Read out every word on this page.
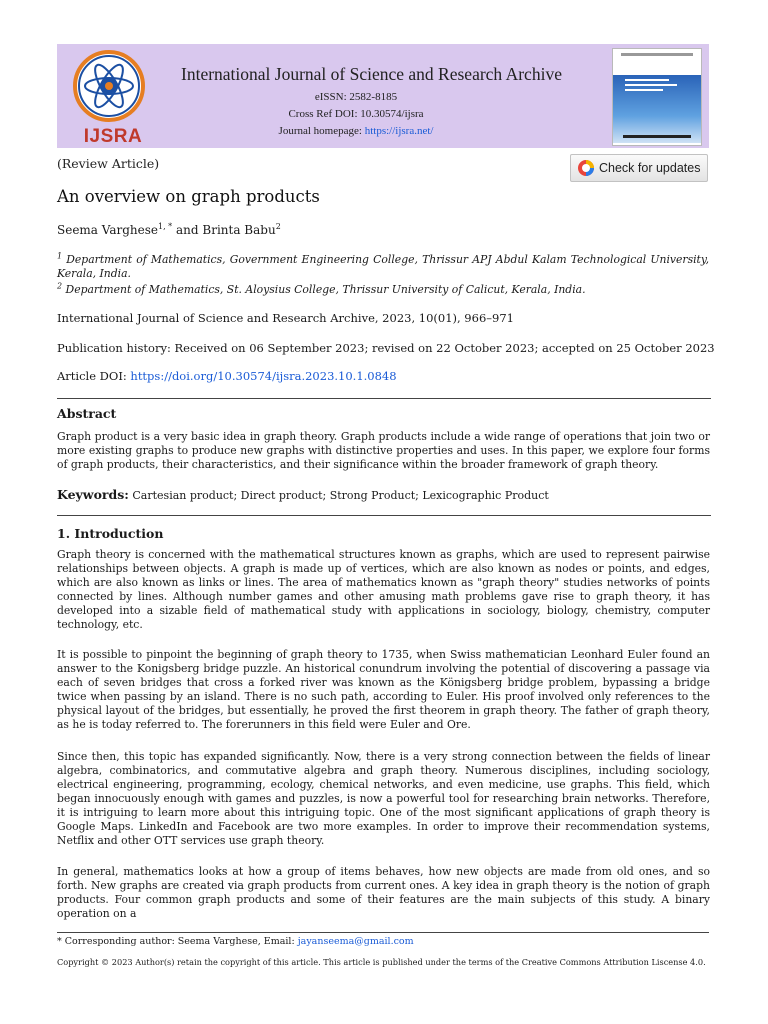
IJSRA
International Journal of Science and Research Archive
eISSN: 2582-8185
Cross Ref DOI: 10.30574/ijsra
Journal homepage: https://ijsra.net/
(Review Article)	Check for updates
An overview on graph products
Seema Varghese$^{1, *}$ and Brinta Babu$^2$
$^1$ Department of Mathematics, Government Engineering College, Thrissur APJ Abdul Kalam Technological University, Kerala, India.
$^2$ Department of Mathematics, St. Aloysius College, Thrissur University of Calicut, Kerala, India.
International Journal of Science and Research Archive, 2023, 10(01), 966–971
Publication history: Received on 06 September 2023; revised on 22 October 2023; accepted on 25 October 2023
Article DOI: https://doi.org/10.30574/ijsra.2023.10.1.0848
Abstract
Graph product is a very basic idea in graph theory. Graph products include a wide range of operations that join two or more existing graphs to produce new graphs with distinctive properties and uses. In this paper, we explore four forms of graph products, their characteristics, and their significance within the broader framework of graph theory.
Keywords: Cartesian product; Direct product; Strong Product; Lexicographic Product
1. Introduction
Graph theory is concerned with the mathematical structures known as graphs, which are used to represent pairwise relationships between objects. A graph is made up of vertices, which are also known as nodes or points, and edges, which are also known as links or lines. The area of mathematics known as "graph theory" studies networks of points connected by lines. Although number games and other amusing math problems gave rise to graph theory, it has developed into a sizable field of mathematical study with applications in sociology, biology, chemistry, computer technology, etc.
It is possible to pinpoint the beginning of graph theory to 1735, when Swiss mathematician Leonhard Euler found an answer to the Konigsberg bridge puzzle. An historical conundrum involving the potential of discovering a passage via each of seven bridges that cross a forked river was known as the Königsberg bridge problem, bypassing a bridge twice when passing by an island. There is no such path, according to Euler. His proof involved only references to the physical layout of the bridges, but essentially, he proved the first theorem in graph theory. The father of graph theory, as he is today referred to. The forerunners in this field were Euler and Ore.
Since then, this topic has expanded significantly. Now, there is a very strong connection between the fields of linear algebra, combinatorics, and commutative algebra and graph theory. Numerous disciplines, including sociology, electrical engineering, programming, ecology, chemical networks, and even medicine, use graphs. This field, which began innocuously enough with games and puzzles, is now a powerful tool for researching brain networks. Therefore, it is intriguing to learn more about this intriguing topic. One of the most significant applications of graph theory is Google Maps. LinkedIn and Facebook are two more examples. In order to improve their recommendation systems, Netflix and other OTT services use graph theory.
In general, mathematics looks at how a group of items behaves, how new objects are made from old ones, and so forth. New graphs are created via graph products from current ones. A key idea in graph theory is the notion of graph products. Four common graph products and some of their features are the main subjects of this study. A binary operation on a
* Corresponding author: Seema Varghese, Email: jayanseema@gmail.com
Copyright © 2023 Author(s) retain the copyright of this article. This article is published under the terms of the Creative Commons Attribution Liscense 4.0.
